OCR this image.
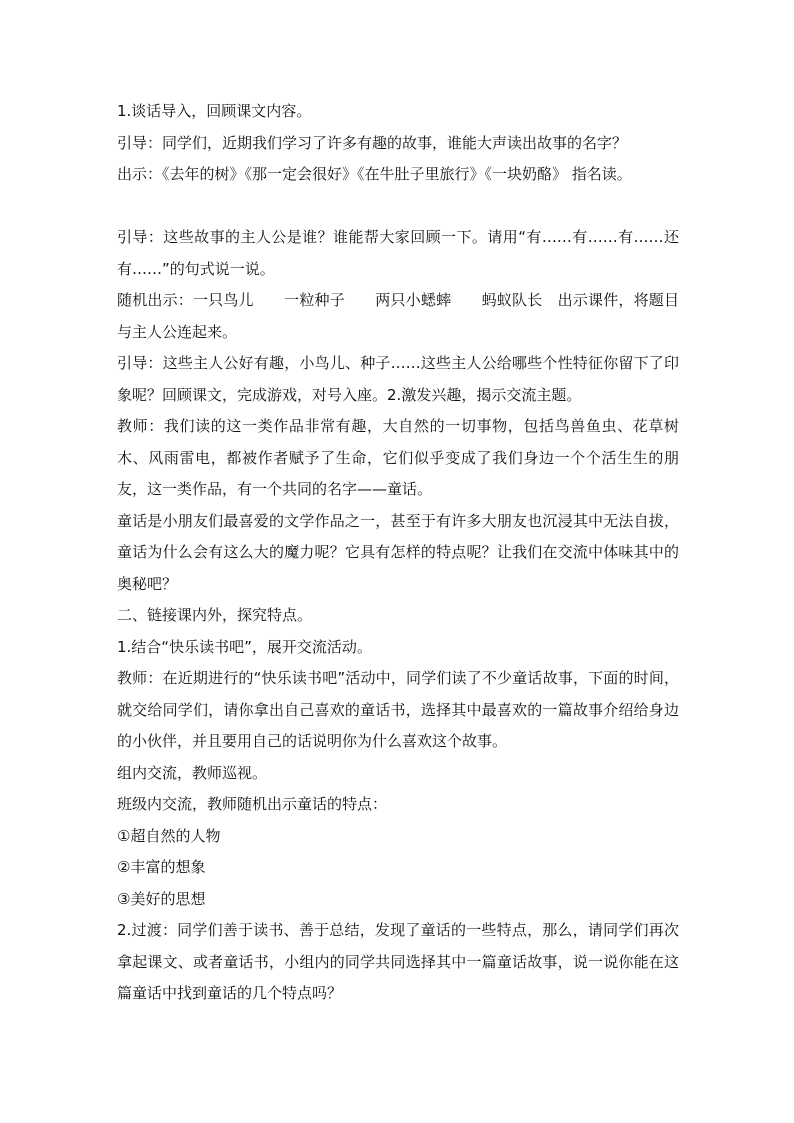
1.谈话导入，回顾课文内容。

引导：同学们，近期我们学习了许多有趣的故事，谁能大声读出故事的名字？

出示：《去年的树》《那一定会很好》《在牛肚子里旅行》《一块奶酪》 指名读。

引导：这些故事的主人公是谁？谁能帮大家回顾一下。请用“有……有……有……还有……”的句式说一说。

随机出示：一只鸟儿　　一粒种子　　两只小蟋蟀　　蚂蚁队长　出示课件，将题目与主人公连起来。

引导：这些主人公好有趣，小鸟儿、种子……这些主人公给哪些个性特征你留下了印象呢？回顾课文，完成游戏，对号入座。2.激发兴趣，揭示交流主题。

教师：我们读的这一类作品非常有趣，大自然的一切事物，包括鸟兽鱼虫、花草树木、风雨雷电，都被作者赋予了生命，它们似乎变成了我们身边一个个活生生的朋友，这一类作品，有一个共同的名字——童话。

童话是小朋友们最喜爱的文学作品之一，甚至于有许多大朋友也沉浸其中无法自拔，童话为什么会有这么大的魔力呢？它具有怎样的特点呢？让我们在交流中体味其中的奥秘吧？

二、链接课内外，探究特点。

1.结合“快乐读书吧”，展开交流活动。

教师：在近期进行的“快乐读书吧”活动中，同学们读了不少童话故事，下面的时间，就交给同学们，请你拿出自己喜欢的童话书，选择其中最喜欢的一篇故事介绍给身边的小伙伴，并且要用自己的话说明你为什么喜欢这个故事。

组内交流，教师巡视。

班级内交流，教师随机出示童话的特点：

①超自然的人物

②丰富的想象

③美好的思想

2.过渡：同学们善于读书、善于总结，发现了童话的一些特点，那么，请同学们再次拿起课文、或者童话书，小组内的同学共同选择其中一篇童话故事，说一说你能在这篇童话中找到童话的几个特点吗？
